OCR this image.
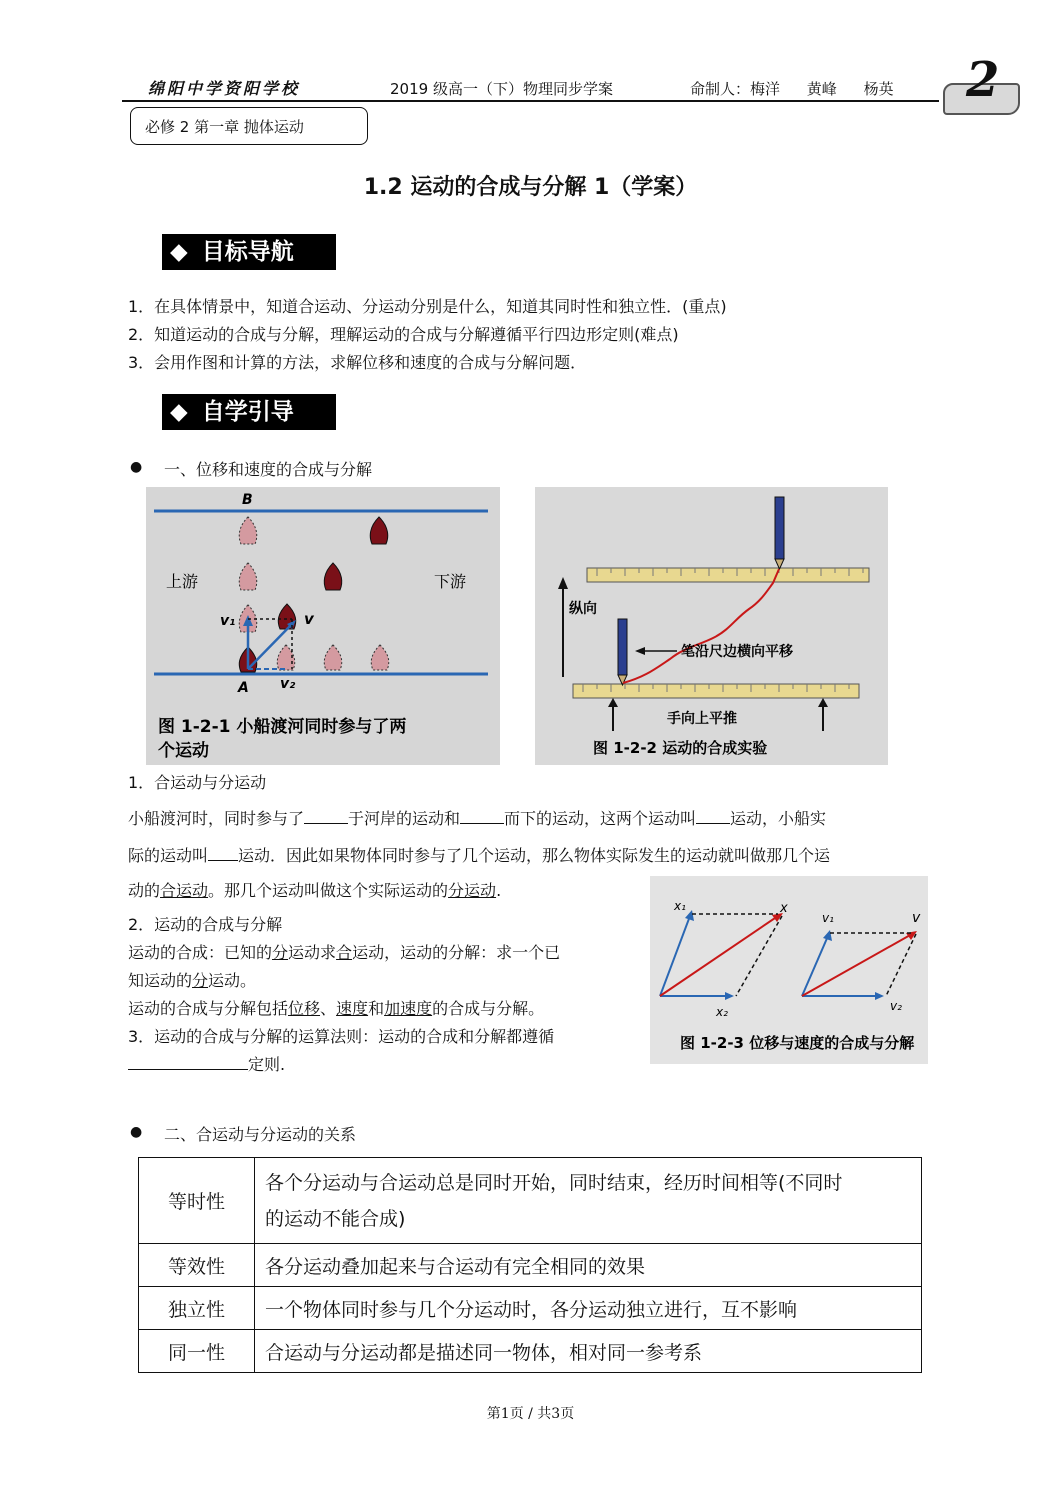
绵阳中学资阳学校	2019 级高一（下）物理同步学案	命制人：梅洋 黄峰 杨英	2
必修 2 第一章 抛体运动
1.2 运动的合成与分解 1（学案）
◆ 目标导航
1．在具体情景中，知道合运动、分运动分别是什么，知道其同时性和独立性．(重点)
2．知道运动的合成与分解，理解运动的合成与分解遵循平行四边形定则(难点)
3．会用作图和计算的方法，求解位移和速度的合成与分解问题．
◆ 自学引导
● 一、位移和速度的合成与分解
B
A
上游	下游
v₁	v
v₂
图 1-2-1 小船渡河同时参与了两
个运动
纵向
笔沿尺边横向平移
手向上平推
图 1-2-2 运动的合成实验
1．合运动与分运动
小船渡河时，同时参与了	于河岸的运动和	而下的运动，这两个运动叫 运动，小船实
际的运动叫 运动．因此如果物体同时参与了几个运动，那么物体实际发生的运动就叫做那几个运
动的合运动。那几个运动叫做这个实际运动的分运动.
2．运动的合成与分解
运动的合成：已知的分运动求合运动，运动的分解：求一个已
知运动的分运动。
运动的合成与分解包括位移、速度和加速度的合成与分解。
3．运动的合成与分解的运算法则：运动的合成和分解都遵循
定则.
x₁	x
x₂
v₁	v
v₂
图 1-2-3 位移与速度的合成与分解
● 二、合运动与分运动的关系
等时性	各个分运动与合运动总是同时开始，同时结束，经历时间相等(不同时
的运动不能合成)

等效性	各分运动叠加起来与合运动有完全相同的效果
独立性	一个物体同时参与几个分运动时，各分运动独立进行，互不影响
同一性	合运动与分运动都是描述同一物体，相对同一参考系
第1页 / 共3页
